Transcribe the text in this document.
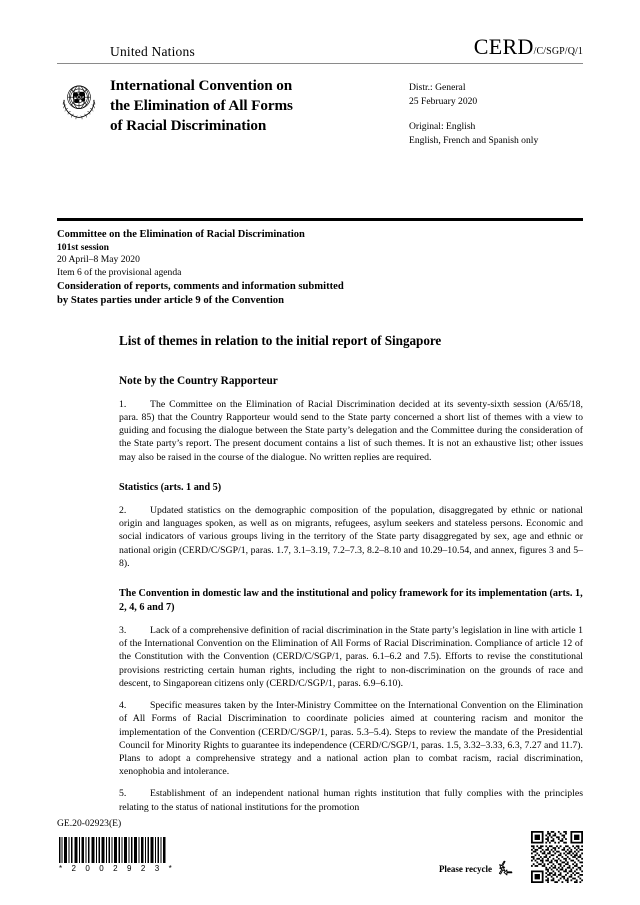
United Nations	CERD/C/SGP/Q/1
International Convention on
the Elimination of All Forms
of Racial Discrimination
Distr.: General
25 February 2020
Original: English
English, French and Spanish only
Committee on the Elimination of Racial Discrimination
101st session
20 April–8 May 2020
Item 6 of the provisional agenda
Consideration of reports, comments and information submitted
by States parties under article 9 of the Convention
List of themes in relation to the initial report of Singapore
Note by the Country Rapporteur

1. The Committee on the Elimination of Racial Discrimination decided at its seventy-sixth session (A/65/18, para. 85) that the Country Rapporteur would send to the State party concerned a short list of themes with a view to guiding and focusing the dialogue between the State party’s delegation and the Committee during the consideration of the State party’s report. The present document contains a list of such themes. It is not an exhaustive list; other issues may also be raised in the course of the dialogue. No written replies are required.

Statistics (arts. 1 and 5)

2. Updated statistics on the demographic composition of the population, disaggregated by ethnic or national origin and languages spoken, as well as on migrants, refugees, asylum seekers and stateless persons. Economic and social indicators of various groups living in the territory of the State party disaggregated by sex, age and ethnic or national origin (CERD/C/SGP/1, paras. 1.7, 3.1–3.19, 7.2–7.3, 8.2–8.10 and 10.29–10.54, and annex, figures 3 and 5–8).

The Convention in domestic law and the institutional and policy framework for its implementation (arts. 1, 2, 4, 6 and 7)

3. Lack of a comprehensive definition of racial discrimination in the State party’s legislation in line with article 1 of the International Convention on the Elimination of All Forms of Racial Discrimination. Compliance of article 12 of the Constitution with the Convention (CERD/C/SGP/1, paras. 6.1–6.2 and 7.5). Efforts to revise the constitutional provisions restricting certain human rights, including the right to non-discrimination on the grounds of race and descent, to Singaporean citizens only (CERD/C/SGP/1, paras. 6.9–6.10).

4. Specific measures taken by the Inter-Ministry Committee on the International Convention on the Elimination of All Forms of Racial Discrimination to coordinate policies aimed at countering racism and monitor the implementation of the Convention (CERD/C/SGP/1, paras. 5.3–5.4). Steps to review the mandate of the Presidential Council for Minority Rights to guarantee its independence (CERD/C/SGP/1, paras. 1.5, 3.32–3.33, 6.3, 7.27 and 11.7). Plans to adopt a comprehensive strategy and a national action plan to combat racism, racial discrimination, xenophobia and intolerance.

5. Establishment of an independent national human rights institution that fully complies with the principles relating to the status of national institutions for the promotion

GE.20-02923(E)
* 2 0 0 2 9 2 3 *	Please recycle
